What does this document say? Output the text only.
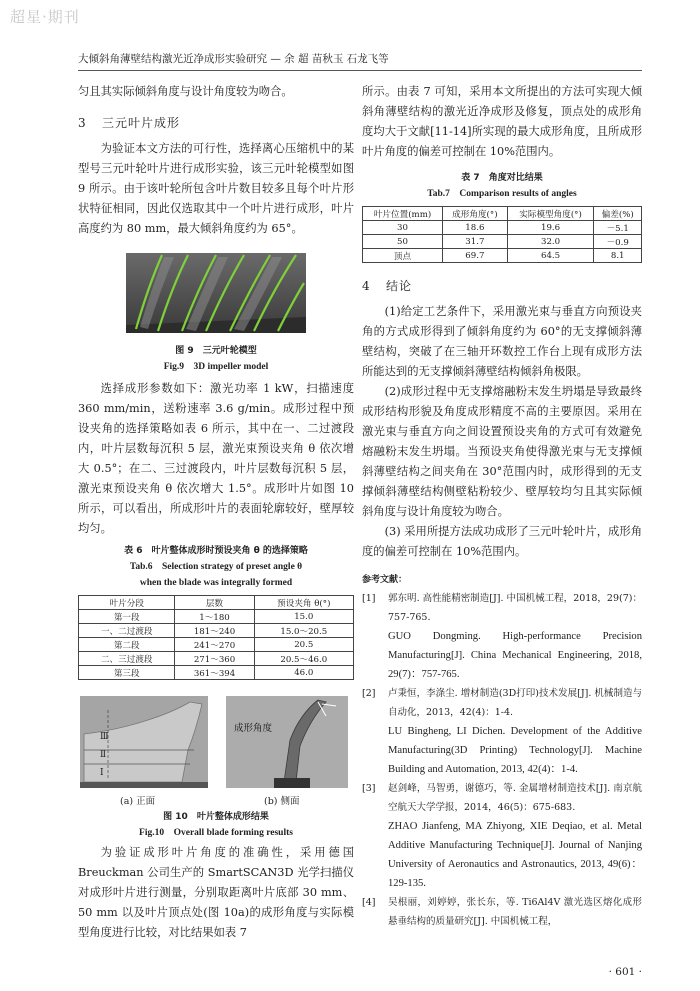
超星·期刊
大倾斜角薄壁结构激光近净成形实验研究 — 余 超 苗秋玉 石龙飞等

匀且其实际倾斜角度与设计角度较为吻合。

3 三元叶片成形

为验证本文方法的可行性，选择离心压缩机中的某型号三元叶轮叶片进行成形实验，该三元叶轮模型如图 9 所示。由于该叶轮所包含叶片数目较多且每个叶片形状特征相同，因此仅选取其中一个叶片进行成形，叶片高度约为 80 mm，最大倾斜角度约为 65°。

图 9　三元叶轮模型
Fig.9　3D impeller model

选择成形参数如下：激光功率 1 kW，扫描速度 360 mm/min，送粉速率 3.6 g/min。成形过程中预设夹角的选择策略如表 6 所示，其中在一、二过渡段内，叶片层数每沉积 5 层，激光束预设夹角 θ 依次增大 0.5°；在二、三过渡段内，叶片层数每沉积 5 层，激光束预设夹角 θ 依次增大 1.5°。成形叶片如图 10 所示，可以看出，所成形叶片的表面轮廓较好，壁厚较均匀。

表 6　叶片整体成形时预设夹角 θ 的选择策略
Tab.6　Selection strategy of preset angle θ
when the blade was integrally formed
叶片分段	层数	预设夹角 θ(°)
第一段	1～180	15.0
一、二过渡段	181～240	15.0～20.5
第二段	241～270	20.5
二、三过渡段	271～360	20.5～46.0
第三段	361～394	46.0
Ⅲ
Ⅱ
Ⅰ
成形角度
(a) 正面	(b) 侧面
图 10　叶片整体成形结果
Fig.10　Overall blade forming results

为验证成形叶片角度的准确性，采用德国 Breuckman 公司生产的 SmartSCAN3D 光学扫描仪对成形叶片进行测量，分别取距离叶片底部 30 mm、50 mm 以及叶片顶点处(图 10a)的成形角度与实际模型角度进行比较，对比结果如表 7

所示。由表 7 可知，采用本文所提出的方法可实现大倾斜角薄壁结构的激光近净成形及修复，顶点处的成形角度均大于文献[11-14]所实现的最大成形角度，且所成形叶片角度的偏差可控制在 10%范围内。

表 7　角度对比结果
Tab.7　Comparison results of angles
叶片位置(mm)	成形角度(°)	实际模型角度(°)	偏差(%)
30	18.6	19.6	－5.1
50	31.7	32.0	－0.9
顶点	69.7	64.5	8.1
4 结论

(1)给定工艺条件下，采用激光束与垂直方向预设夹角的方式成形得到了倾斜角度约为 60°的无支撑倾斜薄壁结构，突破了在三轴开环数控工作台上现有成形方法所能达到的无支撑倾斜薄壁结构倾斜角极限。

(2)成形过程中无支撑熔融粉末发生坍塌是导致最终成形结构形貌及角度成形精度不高的主要原因。采用在激光束与垂直方向之间设置预设夹角的方式可有效避免熔融粉末发生坍塌。当预设夹角使得激光束与无支撑倾斜薄壁结构之间夹角在 30°范围内时，成形得到的无支撑倾斜薄壁结构侧壁粘粉较少、壁厚较均匀且其实际倾斜角度与设计角度较为吻合。

(3) 采用所提方法成功成形了三元叶轮叶片，成形角度的偏差可控制在 10%范围内。

参考文献：
[1]	郭东明. 高性能精密制造[J]. 中国机械工程，2018，29(7)：757-765.
GUO Dongming. High-performance Precision Manufacturing[J]. China Mechanical Engineering, 2018, 29(7)：757-765.
[2]	卢秉恒，李涤尘. 增材制造(3D打印)技术发展[J]. 机械制造与自动化，2013，42(4)：1-4.
LU Bingheng, LI Dichen. Development of the Additive Manufacturing(3D Printing) Technology[J]. Machine Building and Automation, 2013, 42(4)：1-4.
[3]	赵剑峰，马智勇，谢德巧，等. 金属增材制造技术[J]. 南京航空航天大学学报，2014，46(5)：675-683.
ZHAO Jianfeng, MA Zhiyong, XIE Deqiao, et al. Metal Additive Manufacturing Technique[J]. Journal of Nanjing University of Aeronautics and Astronautics, 2013, 49(6)：129-135.
[4]	吴根丽，刘婷婷，张长东，等. Ti6Al4V 激光选区熔化成形悬垂结构的质量研究[J]. 中国机械工程，
· 601 ·
